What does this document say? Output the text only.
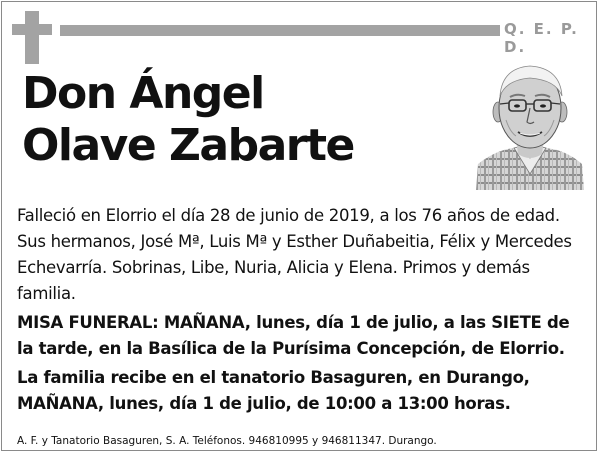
Q. E. P. D.
Don Ángel
Olave Zabarte

Falleció en Elorrio el día 28 de junio de 2019, a los 76 años de edad.

Sus hermanos, José Mª, Luis Mª y Esther Duñabeitia, Félix y Mercedes Echevarría. Sobrinas, Libe, Nuria, Alicia y Elena. Primos y demás familia.

MISA FUNERAL: MAÑANA, lunes, día 1 de julio, a las SIETE de la tarde, en la Basílica de la Purísima Concepción, de Elorrio.

La familia recibe en el tanatorio Basaguren, en Durango, MAÑANA, lunes, día 1 de julio, de 10:00 a 13:00 horas.

A. F. y Tanatorio Basaguren, S. A. Teléfonos. 946810995 y 946811347. Durango.
